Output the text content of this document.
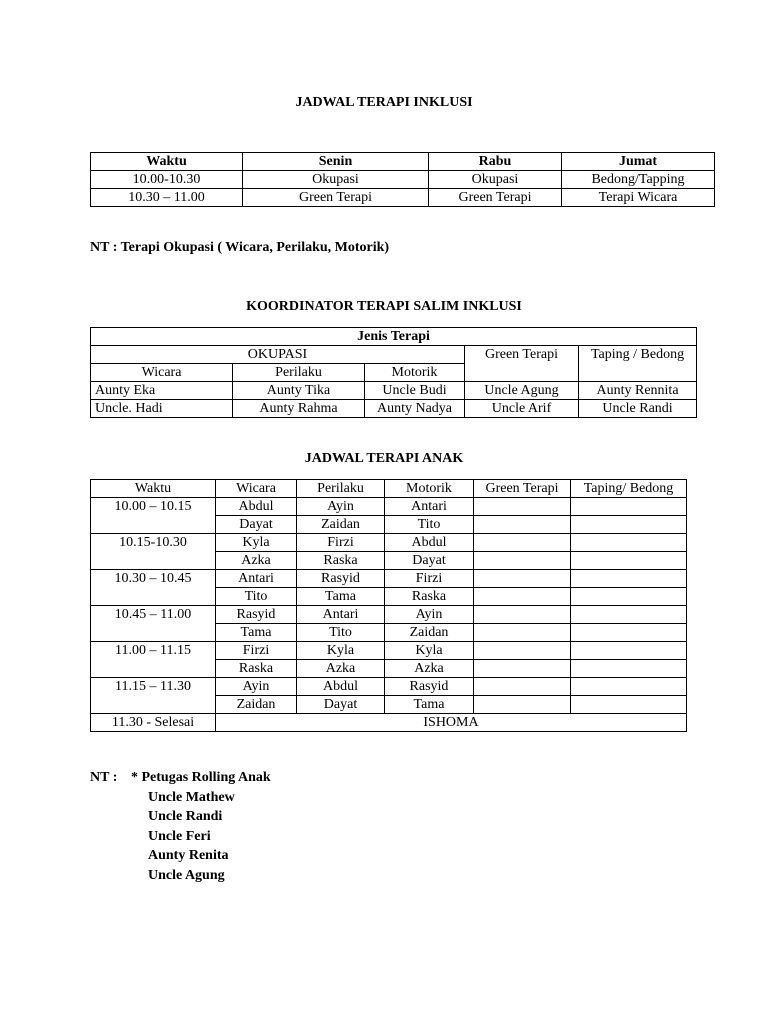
JADWAL TERAPI INKLUSI
Waktu	Senin	Rabu	Jumat
10.00-10.30	Okupasi	Okupasi	Bedong/Tapping
10.30 – 11.00	Green Terapi	Green Terapi	Terapi Wicara
NT : Terapi Okupasi ( Wicara, Perilaku, Motorik)
KOORDINATOR TERAPI SALIM INKLUSI
Jenis Terapi				
OKUPASI			Green Terapi	Taping / Bedong
Wicara	Perilaku	Motorik		
Aunty Eka	Aunty Tika	Uncle Budi	Uncle Agung	Aunty Rennita
Uncle. Hadi	Aunty Rahma	Aunty Nadya	Uncle Arif	Uncle Randi
JADWAL TERAPI ANAK
Waktu	Wicara	Perilaku	Motorik	Green Terapi	Taping/ Bedong
10.00 – 10.15	Abdul	Ayin	Antari		
	Dayat	Zaidan	Tito		
10.15-10.30	Kyla	Firzi	Abdul		
	Azka	Raska	Dayat		
10.30 – 10.45	Antari	Rasyid	Firzi		
	Tito	Tama	Raska		
10.45 – 11.00	Rasyid	Antari	Ayin		
	Tama	Tito	Zaidan		
11.00 – 11.15	Firzi	Kyla	Kyla		
	Raska	Azka	Azka		
11.15 – 11.30	Ayin	Abdul	Rasyid		
	Zaidan	Dayat	Tama		
11.30 - Selesai	ISHOMA				
NT : * Petugas Rolling Anak
Uncle Mathew
Uncle Randi
Uncle Feri
Aunty Renita
Uncle Agung
